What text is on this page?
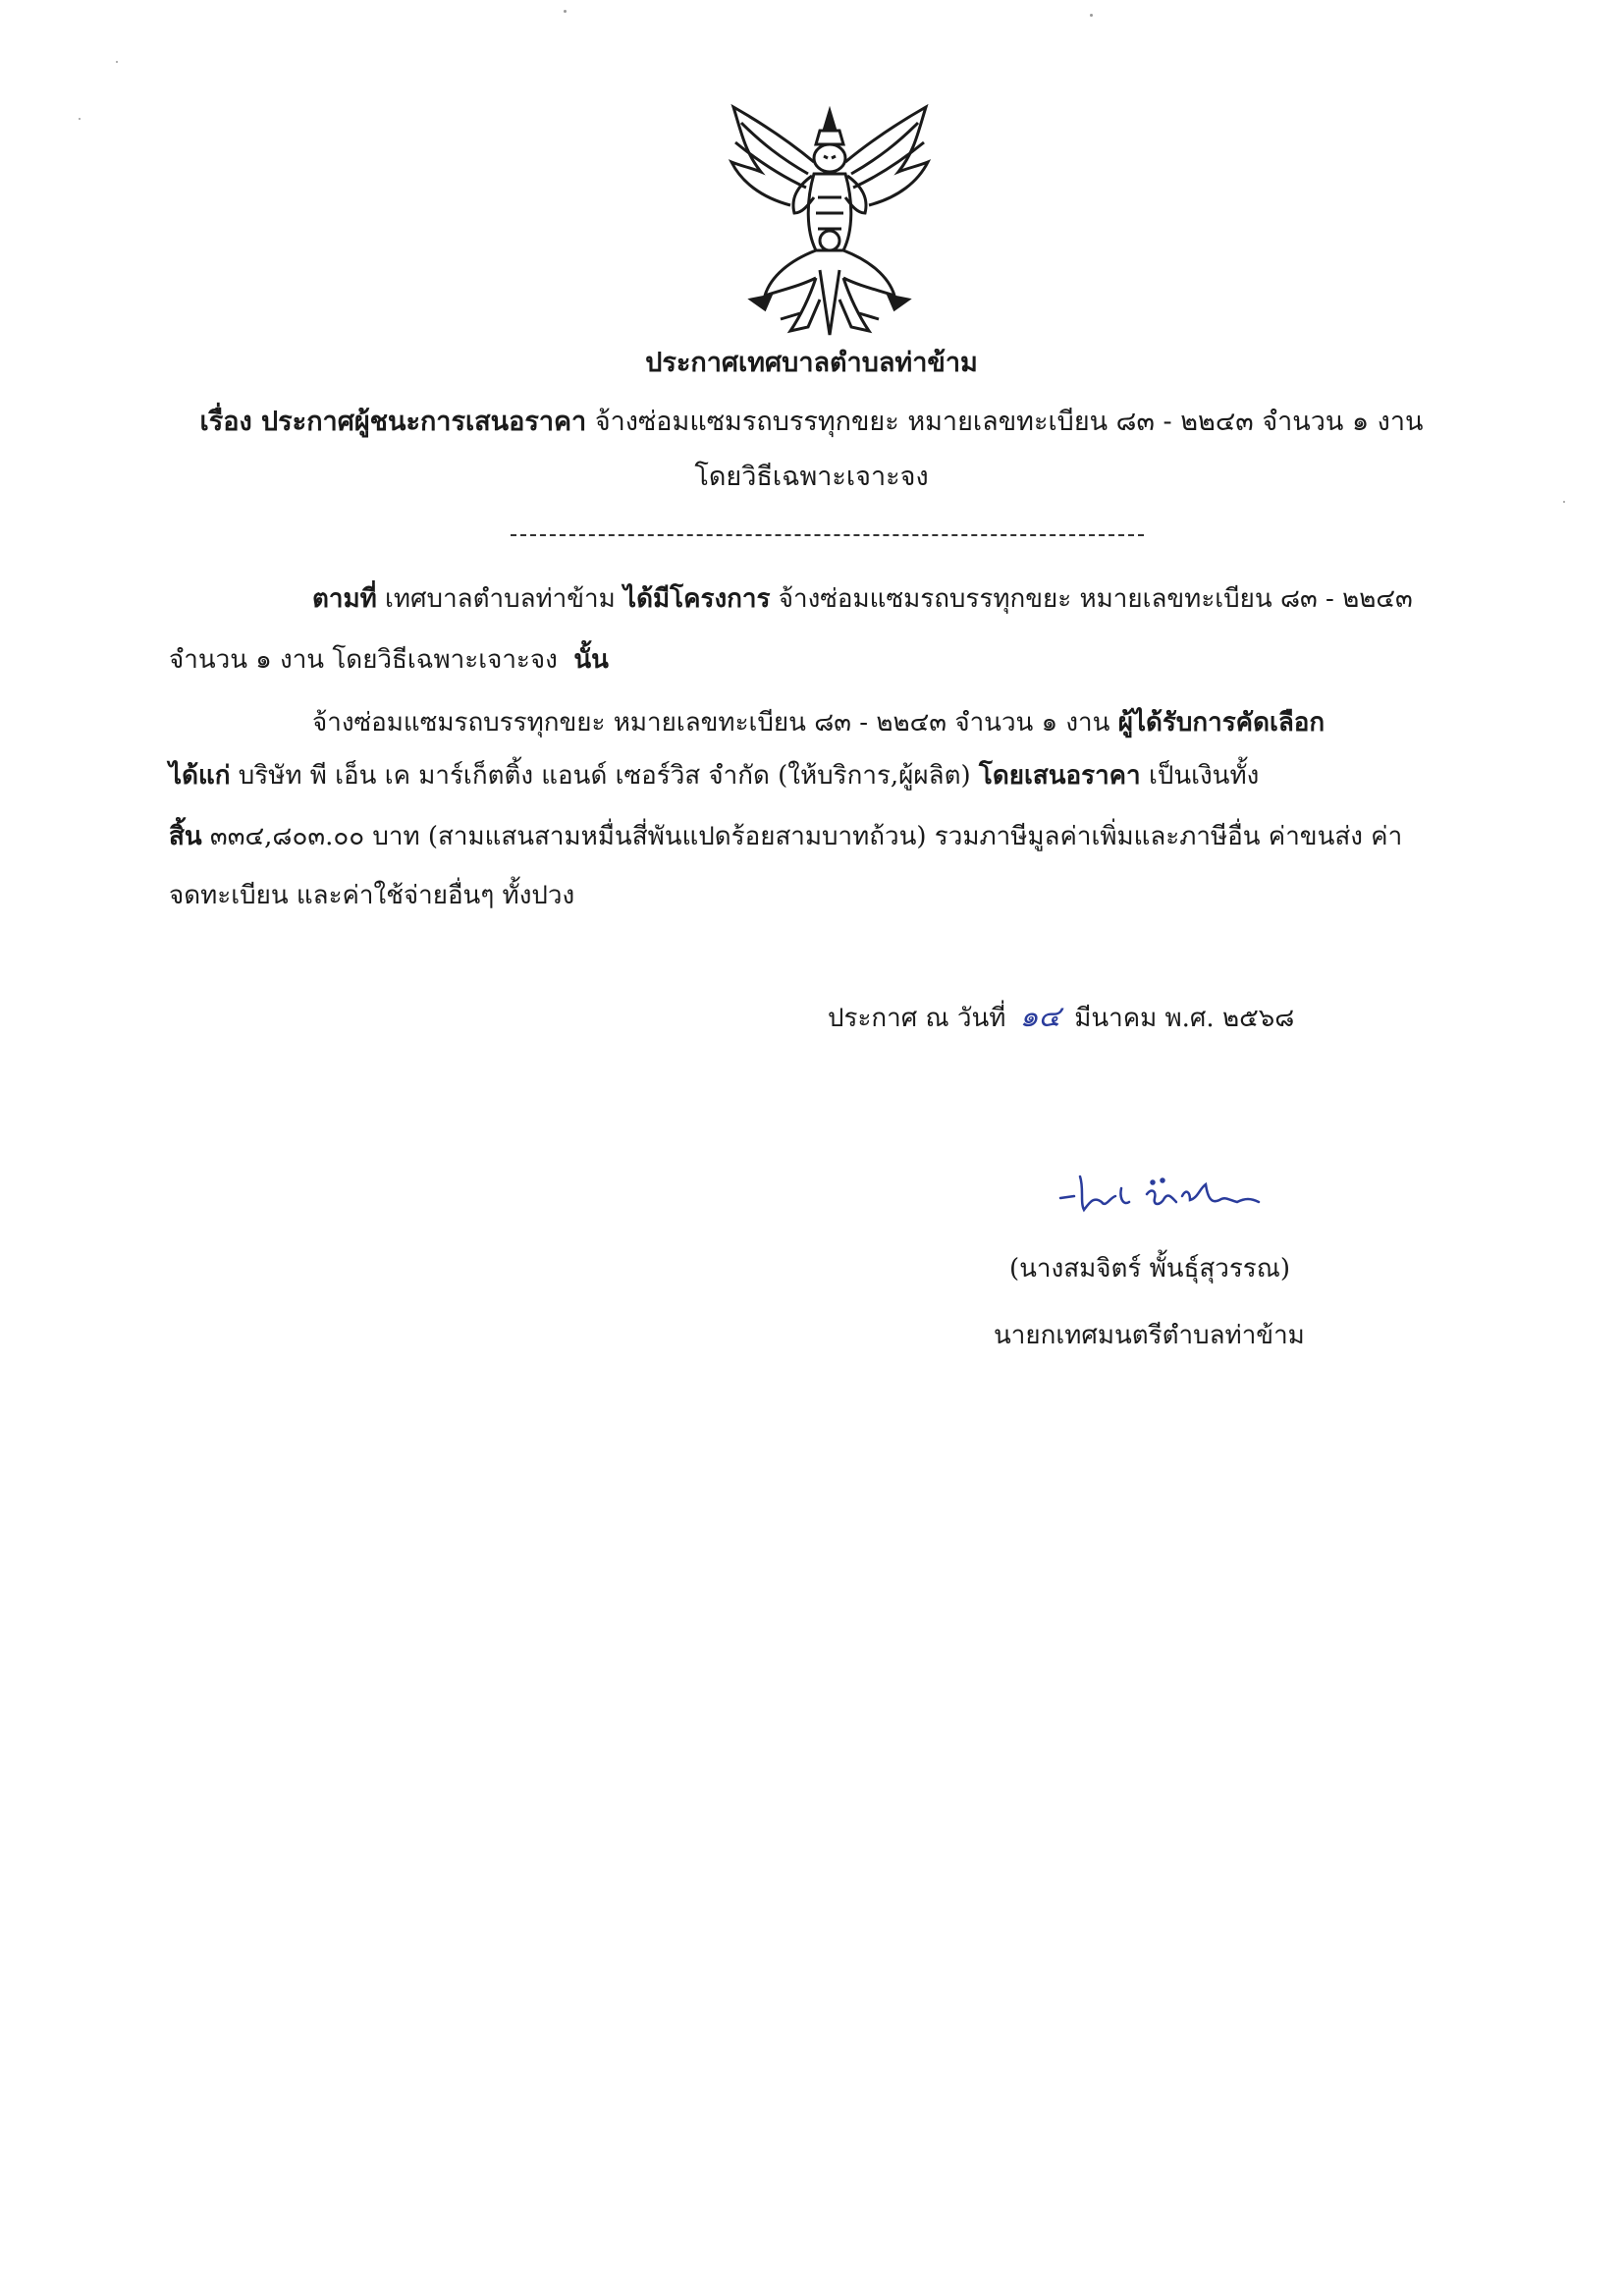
ประกาศเทศบาลตำบลท่าข้าม
เรื่อง ประกาศผู้ชนะการเสนอราคา จ้างซ่อมแซมรถบรรทุกขยะ หมายเลขทะเบียน ๘๓ - ๒๒๔๓ จำนวน ๑ งาน
โดยวิธีเฉพาะเจาะจง
ตามที่ เทศบาลตำบลท่าข้าม ได้มีโครงการ จ้างซ่อมแซมรถบรรทุกขยะ หมายเลขทะเบียน ๘๓ - ๒๒๔๓
จำนวน ๑ งาน โดยวิธีเฉพาะเจาะจง นั้น
จ้างซ่อมแซมรถบรรทุกขยะ หมายเลขทะเบียน ๘๓ - ๒๒๔๓ จำนวน ๑ งาน ผู้ได้รับการคัดเลือก
ได้แก่ บริษัท พี เอ็น เค มาร์เก็ตติ้ง แอนด์ เซอร์วิส จำกัด (ให้บริการ,ผู้ผลิต) โดยเสนอราคา เป็นเงินทั้ง
สิ้น ๓๓๔,๘๐๓.๐๐ บาท (สามแสนสามหมื่นสี่พันแปดร้อยสามบาทถ้วน) รวมภาษีมูลค่าเพิ่มและภาษีอื่น ค่าขนส่ง ค่า
จดทะเบียน และค่าใช้จ่ายอื่นๆ ทั้งปวง
ประกาศ ณ วันที่ ๑๔ มีนาคม พ.ศ. ๒๕๖๘
(นางสมจิตร์ พั้นธุ์สุวรรณ)
นายกเทศมนตรีตำบลท่าข้าม
